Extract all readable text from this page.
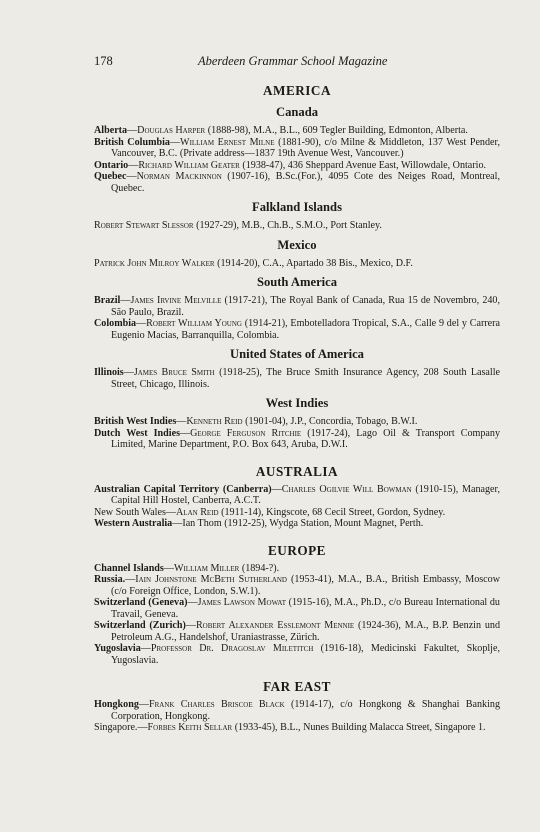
178	Aberdeen Grammar School Magazine
AMERICA
Canada

Alberta—Douglas Harper (1888-98), M.A., B.L., 609 Tegler Building, Edmonton, Alberta.

British Columbia—William Ernest Milne (1881-90), c/o Milne & Middleton, 137 West Pender, Vancouver, B.C. (Private address—1837 19th Avenue West, Vancouver.)

Ontario—Richard William Geater (1938-47), 436 Sheppard Avenue East, Willowdale, Ontario.

Quebec—Norman Mackinnon (1907-16), B.Sc.(For.), 4095 Cote des Neiges Road, Montreal, Quebec.

Falkland Islands

Robert Stewart Slessor (1927-29), M.B., Ch.B., S.M.O., Port Stanley.

Mexico

Patrick John Milroy Walker (1914-20), C.A., Apartado 38 Bis., Mexico, D.F.

South America

Brazil—James Irvine Melville (1917-21), The Royal Bank of Canada, Rua 15 de Novembro, 240, São Paulo, Brazil.

Colombia—Robert William Young (1914-21), Embotelladora Tropical, S.A., Calle 9 del y Carrera Eugenio Macias, Barranquilla, Colombia.

United States of America

Illinois—James Bruce Smith (1918-25), The Bruce Smith Insurance Agency, 208 South Lasalle Street, Chicago, Illinois.

West Indies

British West Indies—Kenneth Reid (1901-04), J.P., Concordia, Tobago, B.W.I.

Dutch West Indies—George Ferguson Ritchie (1917-24), Lago Oil & Transport Company Limited, Marine Department, P.O. Box 643, Aruba, D.W.I.

AUSTRALIA

Australian Capital Territory (Canberra)—Charles Ogilvie Will Bowman (1910-15), Manager, Capital Hill Hostel, Canberra, A.C.T.

New South Wales—Alan Reid (1911-14), Kingscote, 68 Cecil Street, Gordon, Sydney.

Western Australia—Ian Thom (1912-25), Wydga Station, Mount Magnet, Perth.

EUROPE

Channel Islands—William Miller (1894-?).

Russia.—Iain Johnstone McBeth Sutherland (1953-41), M.A., B.A., British Embassy, Moscow (c/o Foreign Office, London, S.W.1).

Switzerland (Geneva)—James Lawson Mowat (1915-16), M.A., Ph.D., c/o Bureau International du Travail, Geneva.

Switzerland (Zurich)—Robert Alexander Esslemont Mennie (1924-36), M.A., B.P. Benzin und Petroleum A.G., Handelshof, Uraniastrasse, Zürich.

Yugoslavia—Professor Dr. Dragoslav Miletitch (1916-18), Medicinski Fakultet, Skoplje, Yugoslavia.

FAR EAST

Hongkong—Frank Charles Briscoe Black (1914-17), c/o Hongkong & Shanghai Banking Corporation, Hongkong.

Singapore.—Forbes Keith Sellar (1933-45), B.L., Nunes Building Malacca Street, Singapore 1.
